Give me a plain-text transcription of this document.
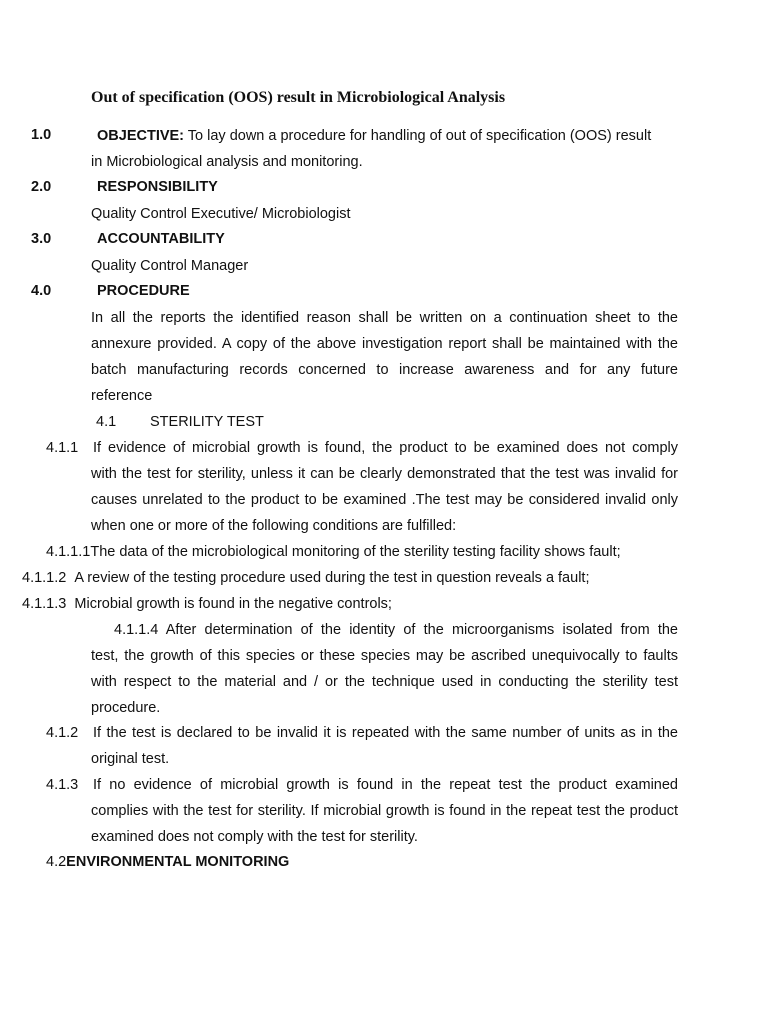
Out of specification (OOS) result in Microbiological Analysis
1.0	OBJECTIVE: To lay down a procedure for handling of out of specification (OOS) result
in Microbiological analysis and monitoring.
2.0	RESPONSIBILITY
Quality Control Executive/ Microbiologist
3.0	ACCOUNTABILITY
Quality Control Manager
4.0	PROCEDURE
In all the reports the identified reason shall be written on a continuation sheet to the annexure provided. A copy of the above investigation report shall be maintained with the batch manufacturing records concerned to increase awareness and for any future reference
4.1 STERILITY TEST
4.1.1 If evidence of microbial growth is found, the product to be examined does not comply
with the test for sterility, unless it can be clearly demonstrated that the test was invalid for causes unrelated to the product to be examined .The test may be considered invalid only when one or more of the following conditions are fulfilled:
4.1.1.1The data of the microbiological monitoring of the sterility testing facility shows fault;
4.1.1.2 A review of the testing procedure used during the test in question reveals a fault;
4.1.1.3 Microbial growth is found in the negative controls;
4.1.1.4 After determination of the identity of the microorganisms isolated from the
test, the growth of this species or these species may be ascribed unequivocally to faults with respect to the material and / or the technique used in conducting the sterility test procedure.
4.1.2 If the test is declared to be invalid it is repeated with the same number of units as in the
original test.
4.1.3 If no evidence of microbial growth is found in the repeat test the product examined
complies with the test for sterility. If microbial growth is found in the repeat test the product examined does not comply with the test for sterility.
4.2ENVIRONMENTAL MONITORING
